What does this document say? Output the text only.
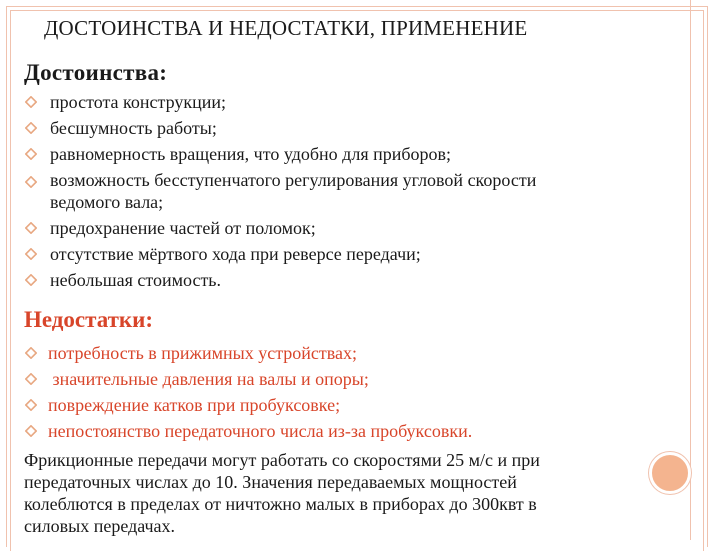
ДОСТОИНСТВА И НЕДОСТАТКИ, ПРИМЕНЕНИЕ
Достоинства:
простота конструкции;
бесшумность работы;
равномерность вращения, что удобно для приборов;
возможность бесступенчатого регулирования угловой скорости
ведомого вала;
предохранение частей от поломок;
отсутствие мёртвого хода при реверсе передачи;
небольшая стоимость.
Недостатки:
потребность в прижимных устройствах;
значительные давления на валы и опоры;
повреждение катков при пробуксовке;
непостоянство передаточного числа из-за пробуксовки.
Фрикционные передачи могут работать со скоростями 25 м/с и при
передаточных числах до 10. Значения передаваемых мощностей
колеблются в пределах от ничтожно малых в приборах до 300квт в
силовых передачах.
